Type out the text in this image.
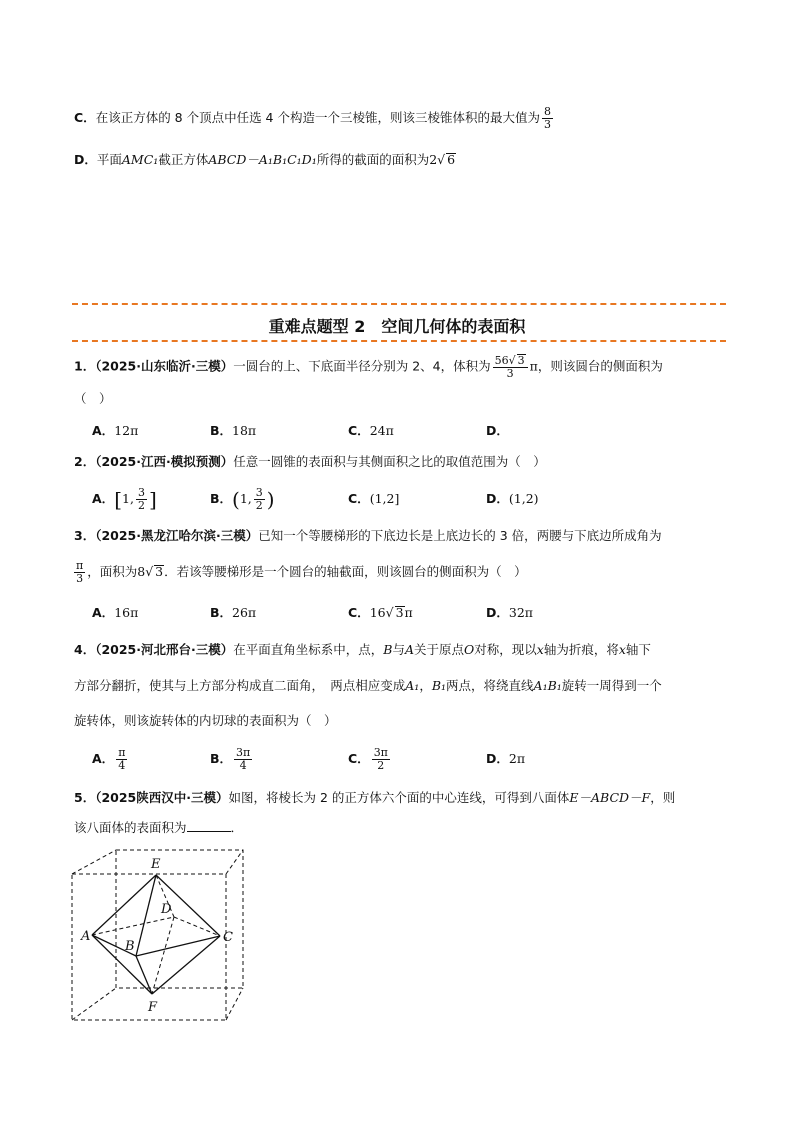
C．在该正方体的 8 个顶点中任选 4 个构造一个三棱锥，则该三棱锥体积的最大值为 $\frac{8}{3}$
D．平面AMC₁截正方体ABCD－A₁B₁C₁D₁所得的截面的面积为2√ 6
重难点题型 2　空间几何体的表面积
1．（2025·山东临沂·三模）一圆台的上、下底面半径分别为 2、4，体积为 $\frac{56√ 3}{3}$ π，则该圆台的侧面积为
（　）
A．12π	B．18π	C．24π	D．
2．（2025·江西·模拟预测）任意一圆锥的表面积与其侧面积之比的取值范围为（　）
A．[1, $\frac{3}{2}$ ]	B．(1, $\frac{3}{2}$ )	C．(1,2]	D．(1,2)
3．（2025·黑龙江哈尔滨·三模）已知一个等腰梯形的下底边长是上底边长的 3 倍，两腰与下底边所成角为
$\frac{\pi}{3}$ ，面积为8√ 3．若该等腰梯形是一个圆台的轴截面，则该圆台的侧面积为（　）
A．16π	B．26π	C．16√ 3π	D．32π
4．（2025·河北邢台·三模）在平面直角坐标系中，点，B与A关于原点O对称，现以x轴为折痕，将x轴下
方部分翻折，使其与上方部分构成直二面角，　两点相应变成A₁，B₁两点，将绕直线A₁B₁旋转一周得到一个
旋转体，则该旋转体的内切球的表面积为（　）
A． $\frac{\pi}{4}$	B． $\frac{3\pi}{4}$	C． $\frac{3\pi}{2}$	D．2π
5．（2025陕西汉中·三模）如图，将棱长为 2 的正方体六个面的中心连线，可得到八面体E－ABCD－F，则
该八面体的表面积为	．
E
D
A
B
C
F
